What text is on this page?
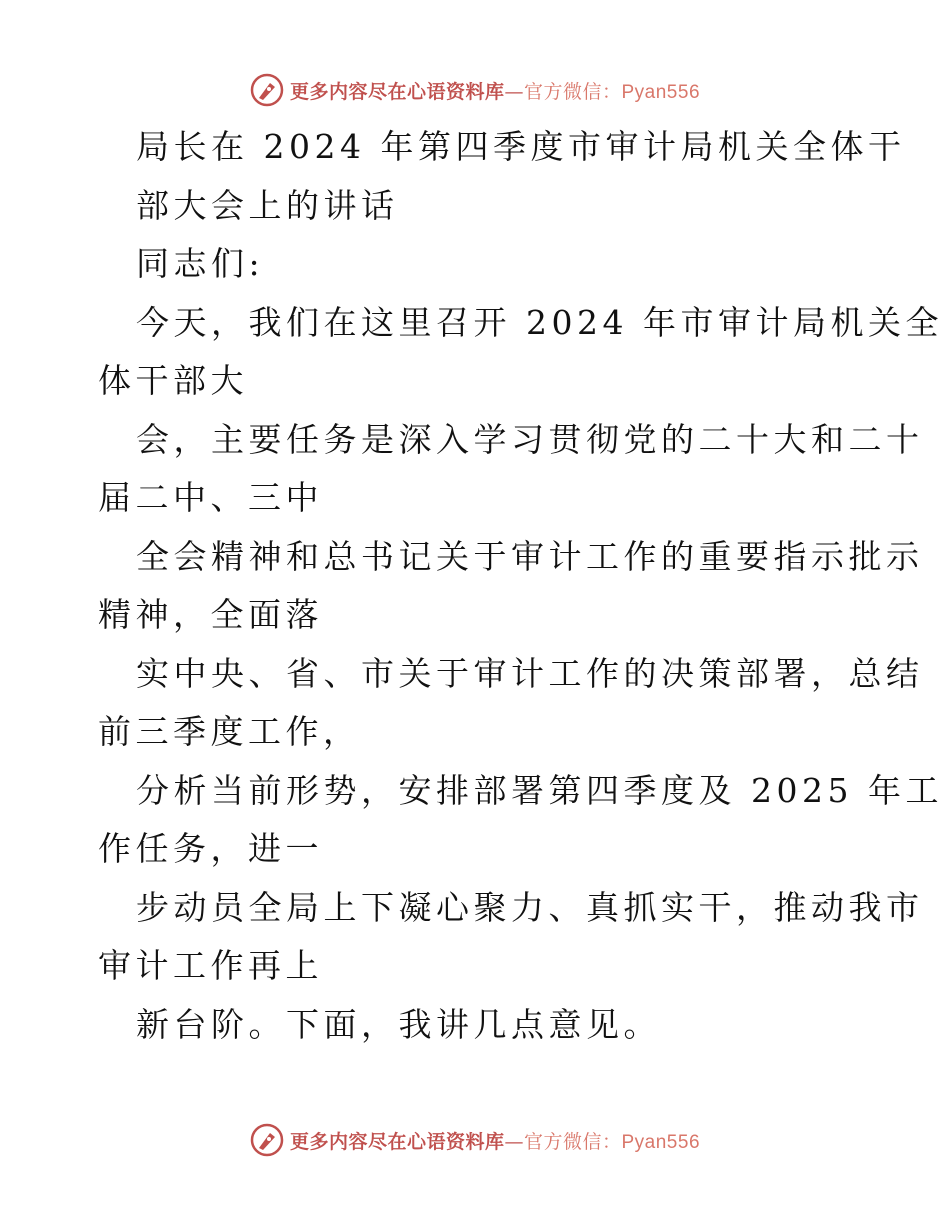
更多内容尽在心语资料库—官方微信：Pyan556
局长在 2024 年第四季度市审计局机关全体干
部大会上的讲话
同志们:
今天，我们在这里召开 2024 年市审计局机关全
体干部大
会，主要任务是深入学习贯彻党的二十大和二十
届二中、三中
全会精神和总书记关于审计工作的重要指示批示
精神，全面落
实中央、省、市关于审计工作的决策部署，总结
前三季度工作，
分析当前形势，安排部署第四季度及 2025 年工
作任务，进一
步动员全局上下凝心聚力、真抓实干，推动我市
审计工作再上
新台阶。下面，我讲几点意见。
更多内容尽在心语资料库—官方微信：Pyan556
